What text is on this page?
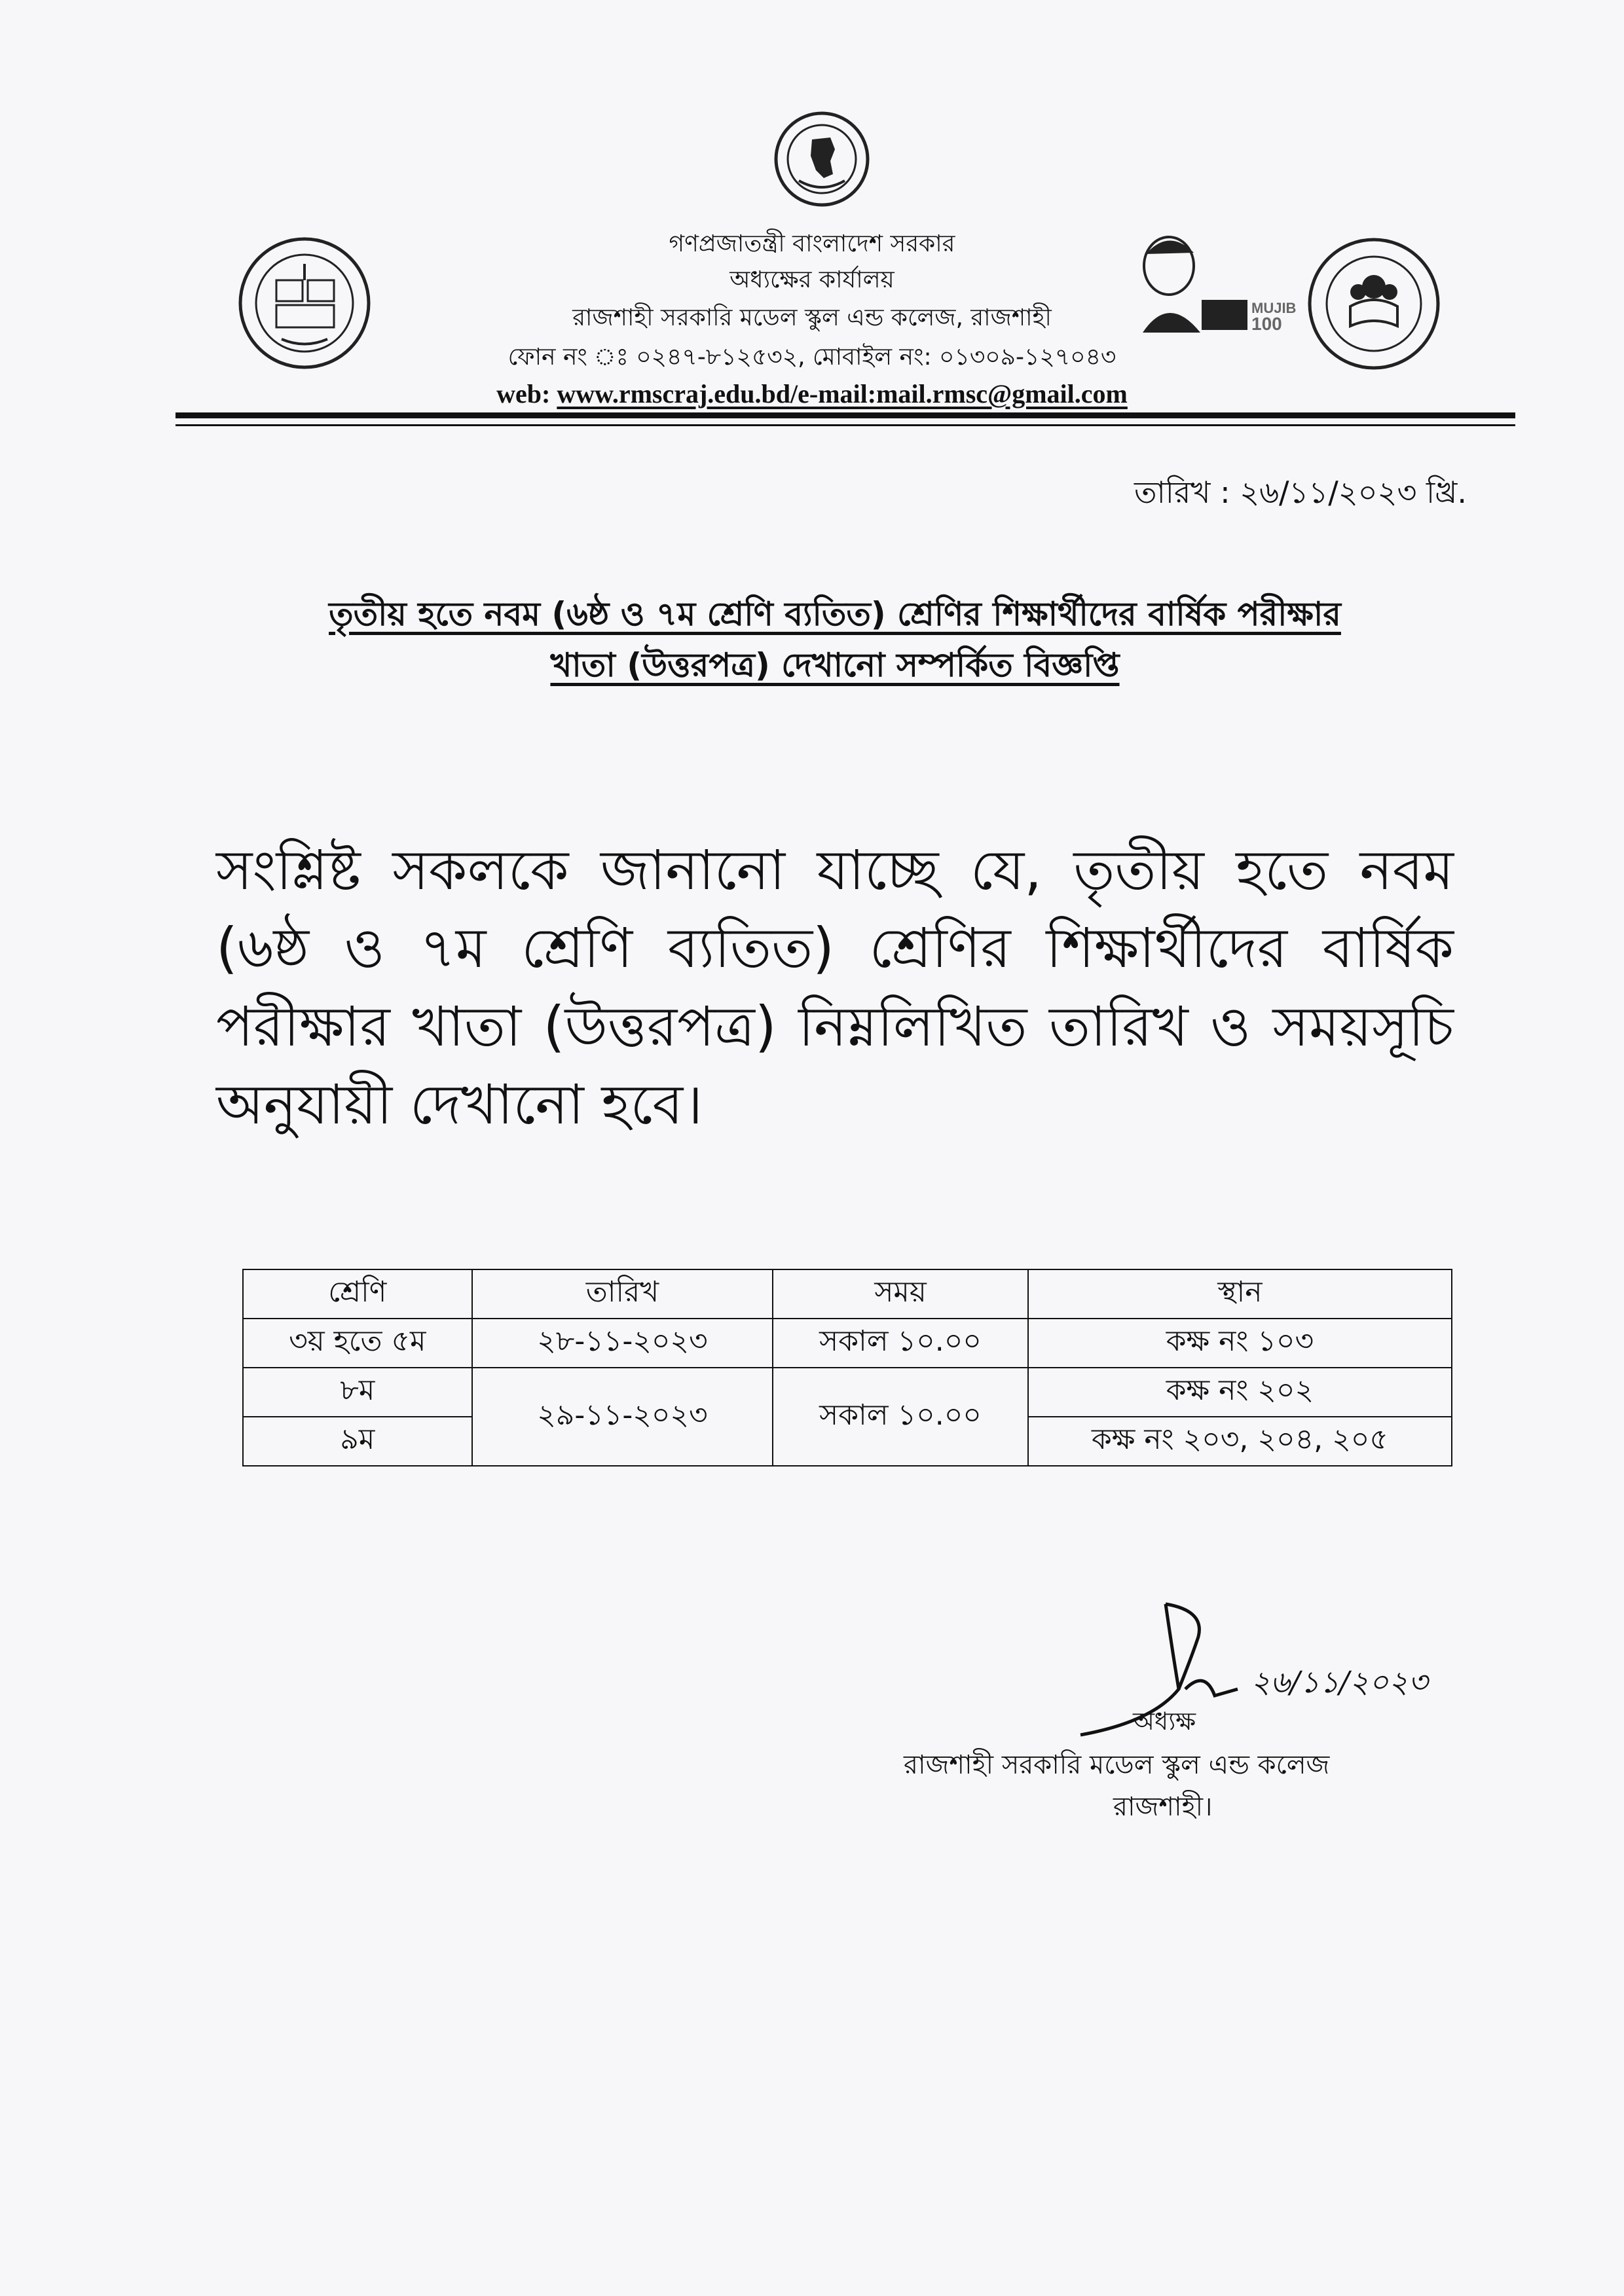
MUJIB
100
গণপ্রজাতন্ত্রী বাংলাদেশ সরকার
অধ্যক্ষের কার্যালয়
রাজশাহী সরকারি মডেল স্কুল এন্ড কলেজ, রাজশাহী
ফোন নং ঃ ০২৪৭-৮১২৫৩২, মোবাইল নং: ০১৩০৯-১২৭০৪৩
web: www.rmscraj.edu.bd/e-mail:mail.rmsc@gmail.com
তারিখ : ২৬/১১/২০২৩ খ্রি.
তৃতীয় হতে নবম (৬ষ্ঠ ও ৭ম শ্রেণি ব্যতিত) শ্রেণির শিক্ষার্থীদের বার্ষিক পরীক্ষার
খাতা (উত্তরপত্র) দেখানো সম্পর্কিত বিজ্ঞপ্তি
সংশ্লিষ্ট সকলকে জানানো যাচ্ছে যে, তৃতীয় হতে নবম (৬ষ্ঠ ও ৭ম শ্রেণি ব্যতিত) শ্রেণির শিক্ষার্থীদের বার্ষিক পরীক্ষার খাতা (উত্তরপত্র) নিম্নলিখিত তারিখ ও সময়সূচি অনুযায়ী দেখানো হবে।
শ্রেণি	তারিখ	সময়	স্থান
৩য় হতে ৫ম	২৮-১১-২০২৩	সকাল ১০.০০	কক্ষ নং ১০৩
৮ম	২৯-১১-২০২৩	সকাল ১০.০০	কক্ষ নং ২০২
৯ম			কক্ষ নং ২০৩, ২০৪, ২০৫
২৬/১১/২০২৩
অধ্যক্ষ
রাজশাহী সরকারি মডেল স্কুল এন্ড কলেজ
রাজশাহী।
